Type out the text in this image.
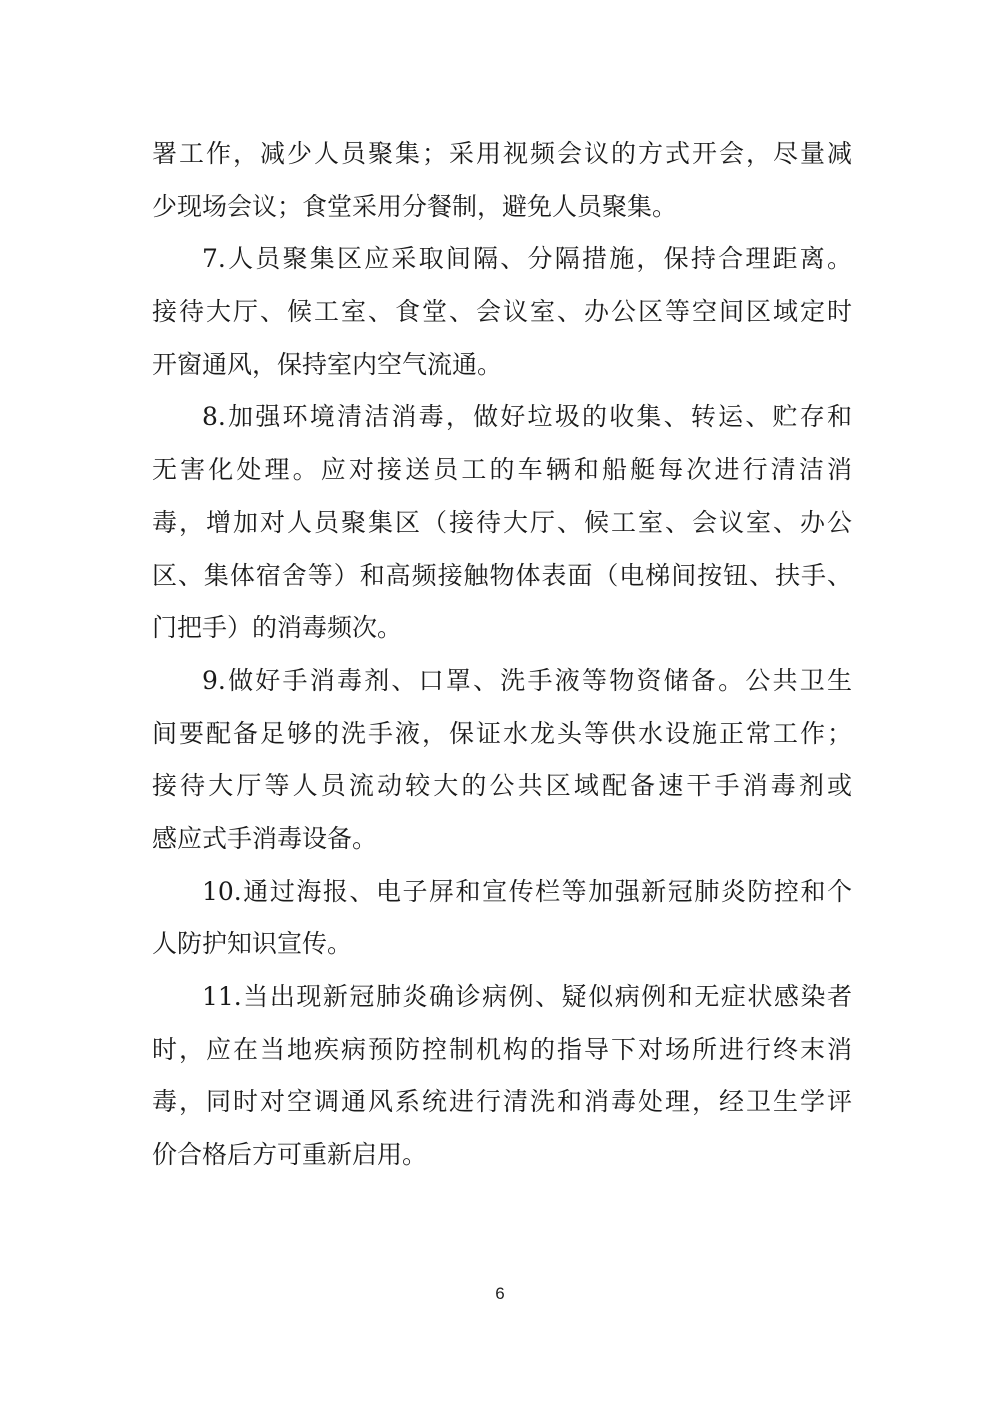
署工作，减少人员聚集；采用视频会议的方式开会，尽量减
少现场会议；食堂采用分餐制，避免人员聚集。
7.人员聚集区应采取间隔、分隔措施，保持合理距离。
接待大厅、候工室、食堂、会议室、办公区等空间区域定时
开窗通风，保持室内空气流通。
8.加强环境清洁消毒，做好垃圾的收集、转运、贮存和
无害化处理。应对接送员工的车辆和船艇每次进行清洁消
毒，增加对人员聚集区（接待大厅、候工室、会议室、办公
区、集体宿舍等）和高频接触物体表面（电梯间按钮、扶手、
门把手）的消毒频次。
9.做好手消毒剂、口罩、洗手液等物资储备。公共卫生
间要配备足够的洗手液，保证水龙头等供水设施正常工作；
接待大厅等人员流动较大的公共区域配备速干手消毒剂或
感应式手消毒设备。
10.通过海报、电子屏和宣传栏等加强新冠肺炎防控和个
人防护知识宣传。
11.当出现新冠肺炎确诊病例、疑似病例和无症状感染者
时，应在当地疾病预防控制机构的指导下对场所进行终末消
毒，同时对空调通风系统进行清洗和消毒处理，经卫生学评
价合格后方可重新启用。
6
